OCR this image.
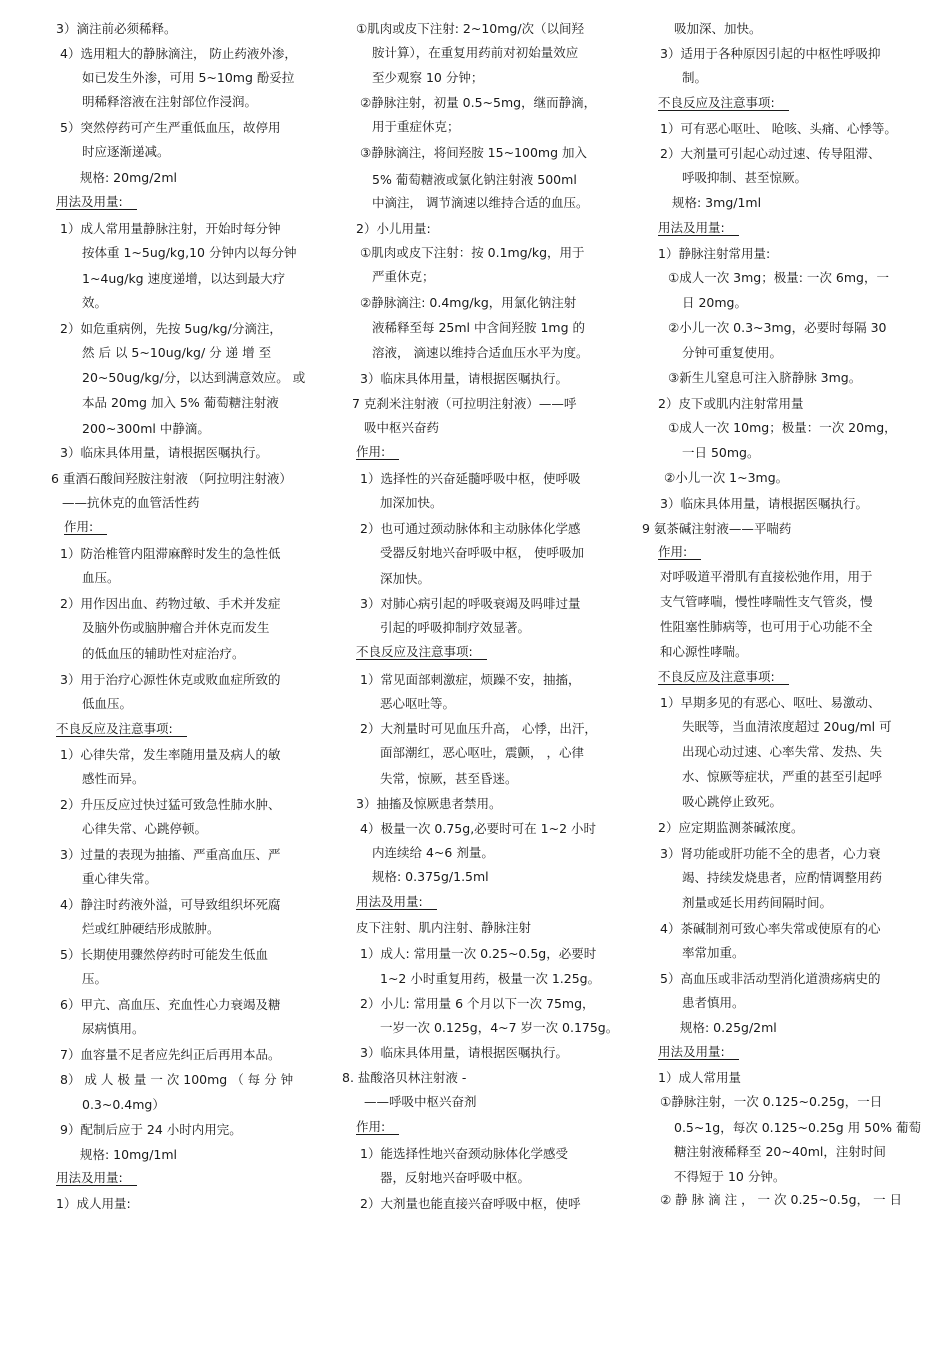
3）滴注前必须稀释。
4）选用粗大的静脉滴注， 防止药液外渗，
如已发生外渗，可用 5~10mg 酚妥拉
明稀释溶液在注射部位作浸润。
5）突然停药可产生严重低血压，故停用
时应逐渐递减。
规格: 20mg/2ml
用法及用量:
1）成人常用量静脉注射，开始时每分钟
按体重 1~5ug/kg,10 分钟内以每分钟
1~4ug/kg 速度递增，以达到最大疗
效。
2）如危重病例，先按 5ug/kg/分滴注，
然 后 以 5~10ug/kg/ 分 递 增 至
20~50ug/kg/分，以达到满意效应。 或
本品 20mg 加入 5% 葡萄糖注射液
200~300ml 中静滴。
3）临床具体用量，请根据医嘱执行。
6 重酒石酸间羟胺注射液 （阿拉明注射液）
——抗休克的血管活性药
作用:
1）防治椎管内阻滞麻醉时发生的急性低
血压。
2）用作因出血、药物过敏、手术并发症
及脑外伤或脑肿瘤合并休克而发生
的低血压的辅助性对症治疗。
3）用于治疗心源性休克或败血症所致的
低血压。
不良反应及注意事项:
1）心律失常，发生率随用量及病人的敏
感性而异。
2）升压反应过快过猛可致急性肺水肿、
心律失常、心跳停顿。
3）过量的表现为抽搐、严重高血压、严
重心律失常。
4）静注时药液外溢，可导致组织坏死腐
烂或红肿硬结形成脓肿。
5）长期使用骤然停药时可能发生低血
压。
6）甲亢、高血压、充血性心力衰竭及糖
尿病慎用。
7）血容量不足者应先纠正后再用本品。
8） 成 人 极 量 一 次 100mg （ 每 分 钟
0.3~0.4mg）
9）配制后应于 24 小时内用完。
规格: 10mg/1ml
用法及用量:
1）成人用量:
①肌肉或皮下注射: 2~10mg/次（以间羟
胺计算），在重复用药前对初始量效应
至少观察 10 分钟；
②静脉注射，初量 0.5~5mg，继而静滴，
用于重症休克；
③静脉滴注，将间羟胺 15~100mg 加入
5% 葡萄糖液或氯化钠注射液 500ml
中滴注， 调节滴速以维持合适的血压。
2）小儿用量:
①肌肉或皮下注射：按 0.1mg/kg，用于
严重休克；
②静脉滴注: 0.4mg/kg，用氯化钠注射
液稀释至每 25ml 中含间羟胺 1mg 的
溶液， 滴速以维持合适血压水平为度。
3）临床具体用量，请根据医嘱执行。
7 克刹米注射液（可拉明注射液）——呼
吸中枢兴奋药
作用:
1）选择性的兴奋延髓呼吸中枢，使呼吸
加深加快。
2）也可通过颈动脉体和主动脉体化学感
受器反射地兴奋呼吸中枢， 使呼吸加
深加快。
3）对肺心病引起的呼吸衰竭及吗啡过量
引起的呼吸抑制疗效显著。
不良反应及注意事项:
1）常见面部刺激症，烦躁不安，抽搐，
恶心呕吐等。
2）大剂量时可见血压升高， 心悸，出汗，
面部潮红，恶心呕吐，震颤， ，心律
失常，惊厥，甚至昏迷。
3）抽搐及惊厥患者禁用。
4）极量一次 0.75g,必要时可在 1~2 小时
内连续给 4~6 剂量。
规格: 0.375g/1.5ml
用法及用量:
皮下注射、肌内注射、静脉注射
1）成人: 常用量一次 0.25~0.5g，必要时
1~2 小时重复用药，极量一次 1.25g。
2）小儿: 常用量 6 个月以下一次 75mg，
一岁一次 0.125g，4~7 岁一次 0.175g。
3）临床具体用量，请根据医嘱执行。
8. 盐酸洛贝林注射液 -
——呼吸中枢兴奋剂
作用:
1）能选择性地兴奋颈动脉体化学感受
器，反射地兴奋呼吸中枢。
2）大剂量也能直接兴奋呼吸中枢，使呼
吸加深、加快。
3）适用于各种原因引起的中枢性呼吸抑
制。
不良反应及注意事项:
1）可有恶心呕吐、 呛咳、头痛、心悸等。
2）大剂量可引起心动过速、传导阻滞、
呼吸抑制、甚至惊厥。
规格: 3mg/1ml
用法及用量:
1）静脉注射常用量:
①成人一次 3mg；极量: 一次 6mg，一
日 20mg。
②小儿一次 0.3~3mg，必要时每隔 30
分钟可重复使用。
③新生儿窒息可注入脐静脉 3mg。
2）皮下或肌内注射常用量
①成人一次 10mg；极量：一次 20mg，
一日 50mg。
②小儿一次 1~3mg。
3）临床具体用量，请根据医嘱执行。
9 氨茶碱注射液——平喘药
作用:
对呼吸道平滑肌有直接松弛作用，用于
支气管哮喘，慢性哮喘性支气管炎，慢
性阻塞性肺病等，也可用于心功能不全
和心源性哮喘。
不良反应及注意事项:
1）早期多见的有恶心、呕吐、易激动、
失眠等，当血清浓度超过 20ug/ml 可
出现心动过速、心率失常、发热、失
水、惊厥等症状，严重的甚至引起呼
吸心跳停止致死。
2）应定期监测茶碱浓度。
3）肾功能或肝功能不全的患者，心力衰
竭、持续发烧患者，应酌情调整用药
剂量或延长用药间隔时间。
4）茶碱制剂可致心率失常或使原有的心
率常加重。
5）高血压或非活动型消化道溃疡病史的
患者慎用。
规格: 0.25g/2ml
用法及用量:
1）成人常用量
①静脉注射，一次 0.125~0.25g，一日
0.5~1g，每次 0.125~0.25g 用 50% 葡萄
糖注射液稀释至 20~40ml，注射时间
不得短于 10 分钟。
② 静 脉 滴 注 ， 一 次 0.25~0.5g， 一 日
